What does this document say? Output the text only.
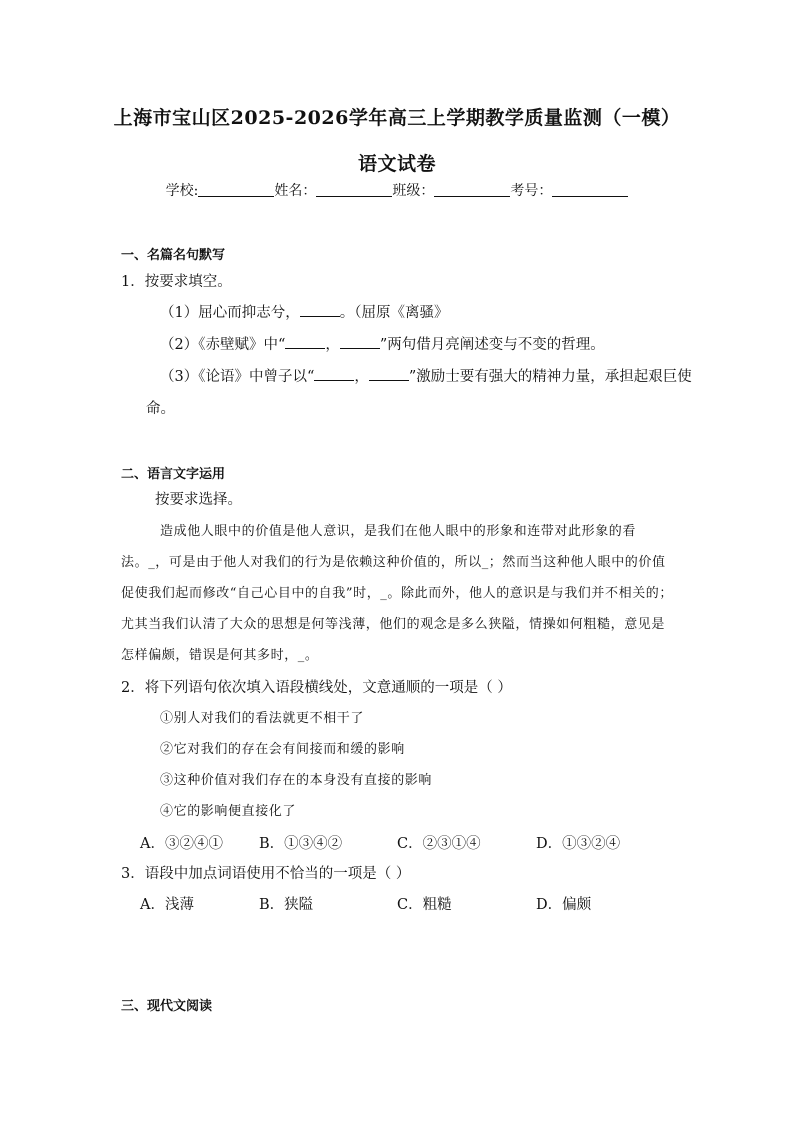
上海市宝山区2025-2026学年高三上学期教学质量监测（一模）
语文试卷
学校:	姓名：	班级：	考号：
一、名篇名句默写
1．按要求填空。
（1）屈心而抑志兮，	。（屈原《离骚》
（2）《赤壁赋》中“	，	”两句借月亮阐述变与不变的哲理。
（3）《论语》中曾子以“	，	”激励士要有强大的精神力量，承担起艰巨使
命。
二、语言文字运用
按要求选择。
造成他人眼中的价值是他人意识，是我们在他人眼中的形象和连带对此形象的看
法。_，可是由于他人对我们的行为是依赖这种价值的，所以_；然而当这种他人眼中的价值
促使我们起而修改“自己心目中的自我”时，_。除此而外，他人的意识是与我们并不相关的；
尤其当我们认清了大众的思想是何等浅薄，他们的观念是多么狭隘，情操如何粗糙，意见是
怎样偏颇，错误是何其多时，_。
2．将下列语句依次填入语段横线处，文意通顺的一项是（ ）
①别人对我们的看法就更不相干了
②它对我们的存在会有间接而和缓的影响
③这种价值对我们存在的本身没有直接的影响
④它的影响便直接化了
A．③②④① B．①③④②	C．②③①④	D．①③②④
3．语段中加点词语使用不恰当的一项是（ ）
A．浅薄	B．狭隘	C．粗糙	D．偏颇
三、现代文阅读
